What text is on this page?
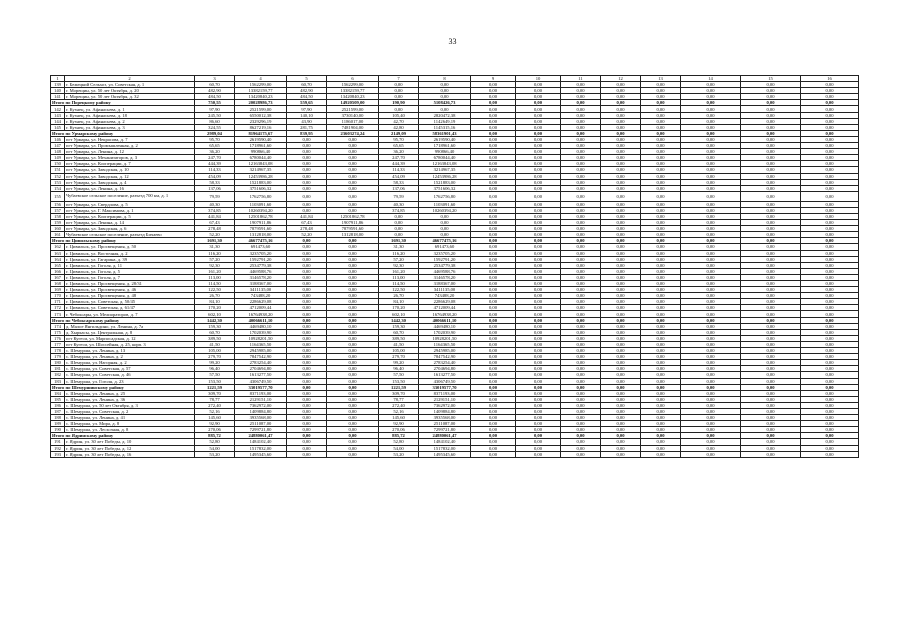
33
1	2	3	4	5	6	7	8	9	10	11	12	13	14	15	16
139	г. Бежецкий Сельхоз, ул. Советская, д. 1	60,70	1562299,00	60,70	1562299,00	0,00	0,00	0,00	0,00	0,00	0,00	0,00	0,00	0,00	0,00
140	г. Морещин, ул. 50 лет Октября, д. 20	482,90	13382159,77	482,90	13382159,77	0,00	0,00	0,00	0,00	0,00	0,00	0,00	0,00	0,00	0,00
141	г. Морещин, ул. 50 лет Октября, д. 32	484,50	13420840,23	484,50	13420840,23	0,00	0,00	0,00	0,00	0,00	0,00	0,00	0,00	0,00	0,00
Итого по Порецкому району		750,55	20028986,73	559,65	14920509,00	190,90	5108426,73	0,00	0,00	0,00	0,00	0,00	0,00	0,00	0,00
142	г. Кузнец, ул. Афанасьева, д. 1	97,90	2521599,00	97,90	2521599,00	0,00	0,00	0,00	0,00	0,00	0,00	0,00	0,00	0,00	0,00
143	г. Кузнец, ул. Афанасьева, д. 18	245,50	6550012,38	140,10	3730140,00	105,40	2820472,38	0,00	0,00	0,00	0,00	0,00	0,00	0,00	0,00
144	г. Кузнец, ул. Афанасьева, д. 2	86,60	2329296,19	43,90	1186017,00	42,70	1142649,19	0,00	0,00	0,00	0,00	0,00	0,00	0,00	0,00
145	г. Кузнец, ул. Афанасьева, д. 3	324,55	8627219,16	281,75	7481904,00	42,80	1145315,16	0,00	0,00	0,00	0,00	0,00	0,00	0,00	0,00
Итого по Урмарскому району		2989,04	81964175,67	839,95	23603274,24	2149,09	58361901,43	0,00	0,00	0,00	0,00	0,00	0,00	0,00	0,00
146	пгт Урмары, ул. Некрасова, д. 7	95,70	2619590,40	0,00	0,00	95,70	2619590,40	0,00	0,00	0,00	0,00	0,00	0,00	0,00	0,00
147	пгт Урмары, ул. Промышленная, д. 2	65,65	1718961,60	0,00	0,00	65,65	1718961,60	0,00	0,00	0,00	0,00	0,00	0,00	0,00	0,00
148	пгт Урмары, ул. Ленина, д. 12	36,20	990866,40	0,00	0,00	36,20	990866,40	0,00	0,00	0,00	0,00	0,00	0,00	0,00	0,00
149	пгт Урмары, ул. Механизаторов, д. 3	247,70	6780044,40	0,00	0,00	247,70	6780044,40	0,00	0,00	0,00	0,00	0,00	0,00	0,00	0,00
150	пгт Урмары, ул. Кооперации, д. 7	444,39	12163843,08	0,00	0,00	444,39	12163843,08	0,00	0,00	0,00	0,00	0,00	0,00	0,00	0,00
151	пгт Урмары, ул. Заводская, д. 10	114,33	3214967,35	0,00	0,00	114,33	3214967,35	0,00	0,00	0,00	0,00	0,00	0,00	0,00	0,00
152	пгт Урмары, ул. Заводская, д. 12	454,09	12453986,28	0,00	0,00	454,09	12453986,28	0,00	0,00	0,00	0,00	0,00	0,00	0,00	0,00
153	пгт Урмары, ул. Заводская, д. 4	58,33	1521883,00	0,00	0,00	58,33	1521883,00	0,00	0,00	0,00	0,00	0,00	0,00	0,00	0,00
154	пгт Урмары, ул. Ленина, д. 16	137,06	3751606,32	0,00	0,00	137,06	3751606,32	0,00	0,00	0,00	0,00	0,00	0,00	0,00	0,00
155	Чубаевское сельское поселение, разъезд 700 км, д. 1	79,59	1762756,80	0,00	0,00	79,59	1762756,80	0,00	0,00	0,00	0,00	0,00	0,00	0,00	0,00
156	пгт Урмары, ул. Свердлова, д. 5	40,30	1103091,60	0,00	0,00	40,30	1103091,60	0,00	0,00	0,00	0,00	0,00	0,00	0,00	0,00
157	пгт Урмары, ул. Г. Максимова, д. 1	374,85	10260394,20	0,00	0,00	374,85	10260394,20	0,00	0,00	0,00	0,00	0,00	0,00	0,00	0,00
158	пгт Урмары, ул. Кооперации, д. 5	441,84	12501862,78	441,84	12501862,78	0,00	0,00	0,00	0,00	0,00	0,00	0,00	0,00	0,00	0,00
159	пгт Урмары, ул. Ленина, д. 14	67,43	1907911,86	67,43	1907911,86	0,00	0,00	0,00	0,00	0,00	0,00	0,00	0,00	0,00	0,00
160	пгт Урмары, ул. Заводская, д. 6	278,48	7879591,60	278,48	7879591,60	0,00	0,00	0,00	0,00	0,00	0,00	0,00	0,00	0,00	0,00
161	Чубаевское сельское поселение, разъезд Бичаево	52,20	1312818,00	52,20	1312818,00	0,00	0,00	0,00	0,00	0,00	0,00	0,00	0,00	0,00	0,00
Итого по Цивильскому району		1691,30	46677475,16	0,00	0,00	1691,30	46677475,16	0,00	0,00	0,00	0,00	0,00	0,00	0,00	0,00
162	г. Цивильск, ул. Просвещения, д. 50	31,30	691473,60	0,00	0,00	31,30	691473,60	0,00	0,00	0,00	0,00	0,00	0,00	0,00	0,00
163	г. Цивильск, ул. Восточная, д. 2	116,20	3235705,20	0,00	0,00	116,20	3235705,20	0,00	0,00	0,00	0,00	0,00	0,00	0,00	0,00
164	г. Цивильск, ул. Гагарина, д. 39	57,20	1592791,20	0,00	0,00	57,20	1592791,20	0,00	0,00	0,00	0,00	0,00	0,00	0,00	0,00
165	г. Цивильск, ул. Гоголя, д. 11	92,30	2534779,38	0,00	0,00	92,30	2534779,38	0,00	0,00	0,00	0,00	0,00	0,00	0,00	0,00
166	г. Цивильск, ул. Гоголя, д. 5	161,20	4469588,76	0,00	0,00	161,20	4469588,76	0,00	0,00	0,00	0,00	0,00	0,00	0,00	0,00
167	г. Цивильск, ул. Гоголя, д. 7	113,00	3146578,20	0,00	0,00	113,00	3146578,20	0,00	0,00	0,00	0,00	0,00	0,00	0,00	0,00
168	г. Цивильск, ул. Просвещения, д. 28/31	114,50	3188367,00	0,00	0,00	114,50	3188367,00	0,00	0,00	0,00	0,00	0,00	0,00	0,00	0,00
169	г. Цивильск, ул. Просвещения, д. 46	122,50	3411135,00	0,00	0,00	122,50	3411135,00	0,00	0,00	0,00	0,00	0,00	0,00	0,00	0,00
170	г. Цивильск, ул. Просвещения, д. 48	26,70	743488,20	0,00	0,00	26,70	743488,20	0,00	0,00	0,00	0,00	0,00	0,00	0,00	0,00
171	г. Цивильск, ул. Советская, д. 50/45	84,10	2286629,08	0,00	0,00	84,10	2286629,08	0,00	0,00	0,00	0,00	0,00	0,00	0,00	0,00
172	г. Цивильск, ул. Советская, д. 61/47	170,20	4712009,44	0,00	0,00	170,20	4712009,44	0,00	0,00	0,00	0,00	0,00	0,00	0,00	0,00
173	г. Чебоксары, ул. Мелиораторов, д. 7	602,10	16764938,20	0,00	0,00	602,10	16764938,20	0,00	0,00	0,00	0,00	0,00	0,00	0,00	0,00
Итого по Чебоксарскому району		1442,30	40066611,10	0,00	0,00	1442,30	40066611,10	0,00	0,00	0,00	0,00	0,00	0,00	0,00	0,00
174	д. Малое Янгильдино, ул. Ленина, д. 7а	159,30	4469480,10	0,00	0,00	159,30	4469480,10	0,00	0,00	0,00	0,00	0,00	0,00	0,00	0,00
175	д. Хыркасы, ул. Центральная, д. 8	60,70	1702039,90	0,00	0,00	60,70	1702039,90	0,00	0,00	0,00	0,00	0,00	0,00	0,00	0,00
176	пгт Кугеси, ул. Марпосадская, д. 12	389,50	10928201,50	0,00	0,00	389,50	10928201,50	0,00	0,00	0,00	0,00	0,00	0,00	0,00	0,00
177	пгт Кугеси, ул. Шоссейная, д. 25, корп. 3	41,50	1164365,50	0,00	0,00	41,50	1164365,50	0,00	0,00	0,00	0,00	0,00	0,00	0,00	0,00
178	с. Шемурша, ул. Ленина, д. 13	105,00	2945985,00	0,00	0,00	105,00	2945985,00	0,00	0,00	0,00	0,00	0,00	0,00	0,00	0,00
179	с. Шемурша, ул. Ленина, д. 2	279,70	7847542,90	0,00	0,00	279,70	7847542,90	0,00	0,00	0,00	0,00	0,00	0,00	0,00	0,00
180	с. Шемурша, ул. Нагорная, д. 2	99,20	2783254,40	0,00	0,00	99,20	2783254,40	0,00	0,00	0,00	0,00	0,00	0,00	0,00	0,00
181	с. Шемурша, ул. Советская, д. 57	96,40	2704694,80	0,00	0,00	96,40	2704694,80	0,00	0,00	0,00	0,00	0,00	0,00	0,00	0,00
182	с. Шемурша, ул. Советская, д. 46	57,50	1613277,50	0,00	0,00	57,50	1613277,50	0,00	0,00	0,00	0,00	0,00	0,00	0,00	0,00
183	с. Шемурша, ул. Гоголя, д. 23	153,50	4306749,50	0,00	0,00	153,50	4306749,50	0,00	0,00	0,00	0,00	0,00	0,00	0,00	0,00
Итого по Шемуршинскому району		1221,59	33019577,70	0,00	0,00	1221,59	33019577,70	0,00	0,00	0,00	0,00	0,00	0,00	0,00	0,00
184	с. Шемурша, ул. Ленина, д. 25	309,70	8371193,00	0,00	0,00	309,70	8371193,00	0,00	0,00	0,00	0,00	0,00	0,00	0,00	0,00
185	с. Шемурша, ул. Ленина, д. 36	78,77	2129151,10	0,00	0,00	78,77	2129151,10	0,00	0,00	0,00	0,00	0,00	0,00	0,00	0,00
186	с. Шемурша, ул. 50 лет Октября, д. 3	272,40	7362972,00	0,00	0,00	272,40	7362972,00	0,00	0,00	0,00	0,00	0,00	0,00	0,00	0,00
187	с. Шемурша, ул. Советская, д. 2	52,16	1409884,80	0,00	0,00	52,16	1409884,80	0,00	0,00	0,00	0,00	0,00	0,00	0,00	0,00
188	с. Шемурша, ул. Ленина, д. 41	145,60	3935568,00	0,00	0,00	145,60	3935568,00	0,00	0,00	0,00	0,00	0,00	0,00	0,00	0,00
189	с. Шемурша, ул. Мира, д. 8	92,90	2511087,00	0,00	0,00	92,90	2511087,00	0,00	0,00	0,00	0,00	0,00	0,00	0,00	0,00
190	с. Шемурша, ул. Лесхозная, д. 8	270,06	7299721,80	0,00	0,00	270,06	7299721,80	0,00	0,00	0,00	0,00	0,00	0,00	0,00	0,00
Итого по Ядринскому району		885,72	24880061,47	0,00	0,00	885,72	24880061,47	0,00	0,00	0,00	0,00	0,00	0,00	0,00	0,00
191	г. Ядрин, ул. 30 лет Победы, д. 10	52,80	1484102,40	0,00	0,00	52,80	1484102,40	0,00	0,00	0,00	0,00	0,00	0,00	0,00	0,00
192	г. Ядрин, ул. 30 лет Победы, д. 12	54,00	1517832,00	0,00	0,00	54,00	1517832,00	0,00	0,00	0,00	0,00	0,00	0,00	0,00	0,00
193	г. Ядрин, ул. 30 лет Победы, д. 16	53,20	1495345,60	0,00	0,00	53,20	1495345,60	0,00	0,00	0,00	0,00	0,00	0,00	0,00	0,00
